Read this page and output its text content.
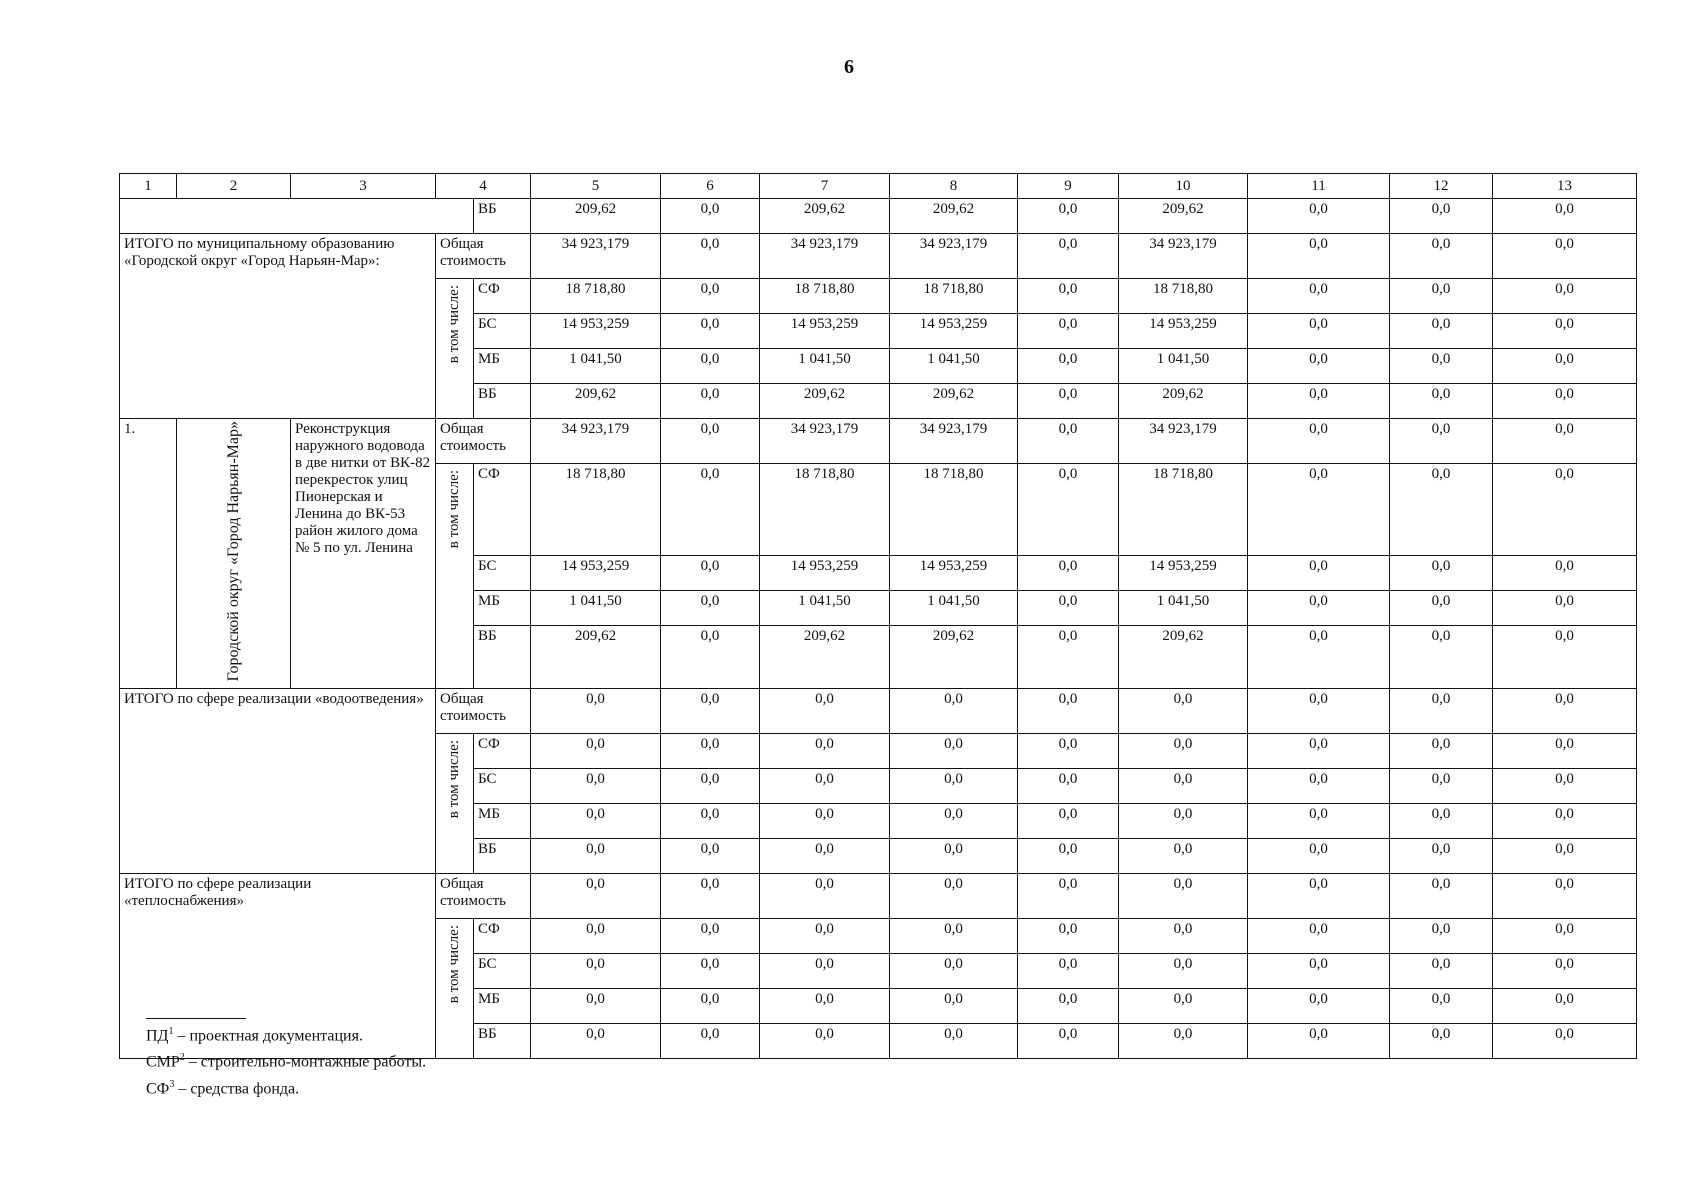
6
1	2	3	4		5	6	7	8	9	10	11	12	13
				ВБ	209,62	0,0	209,62	209,62	0,0	209,62	0,0	0,0	0,0
ИТОГО по муниципальному образованию «Городской округ «Город Нарьян-Мар»:			Общая стоимость		34 923,179	0,0	34 923,179	34 923,179	0,0	34 923,179	0,0	0,0	0,0
			в том числе:	СФ	18 718,80	0,0	18 718,80	18 718,80	0,0	18 718,80	0,0	0,0	0,0
				БС	14 953,259	0,0	14 953,259	14 953,259	0,0	14 953,259	0,0	0,0	0,0
				МБ	1 041,50	0,0	1 041,50	1 041,50	0,0	1 041,50	0,0	0,0	0,0
				ВБ	209,62	0,0	209,62	209,62	0,0	209,62	0,0	0,0	0,0
1.	Городской округ «Город Нарьян-Мар»	Реконструкция наружного водовода в две нитки от ВК-82 перекресток улиц Пионерская и Ленина до ВК-53 район жилого дома № 5 по ул. Ленина	Общая стоимость		34 923,179	0,0	34 923,179	34 923,179	0,0	34 923,179	0,0	0,0	0,0
			в том числе:	СФ	18 718,80	0,0	18 718,80	18 718,80	0,0	18 718,80	0,0	0,0	0,0
				БС	14 953,259	0,0	14 953,259	14 953,259	0,0	14 953,259	0,0	0,0	0,0
				МБ	1 041,50	0,0	1 041,50	1 041,50	0,0	1 041,50	0,0	0,0	0,0
				ВБ	209,62	0,0	209,62	209,62	0,0	209,62	0,0	0,0	0,0
ИТОГО по сфере реализации «водоотведения»			Общая стоимость		0,0	0,0	0,0	0,0	0,0	0,0	0,0	0,0	0,0
			в том числе:	СФ	0,0	0,0	0,0	0,0	0,0	0,0	0,0	0,0	0,0
				БС	0,0	0,0	0,0	0,0	0,0	0,0	0,0	0,0	0,0
				МБ	0,0	0,0	0,0	0,0	0,0	0,0	0,0	0,0	0,0
				ВБ	0,0	0,0	0,0	0,0	0,0	0,0	0,0	0,0	0,0
ИТОГО по сфере реализации «теплоснабжения»			Общая стоимость		0,0	0,0	0,0	0,0	0,0	0,0	0,0	0,0	0,0
			в том числе:	СФ	0,0	0,0	0,0	0,0	0,0	0,0	0,0	0,0	0,0
				БС	0,0	0,0	0,0	0,0	0,0	0,0	0,0	0,0	0,0
				МБ	0,0	0,0	0,0	0,0	0,0	0,0	0,0	0,0	0,0
				ВБ	0,0	0,0	0,0	0,0	0,0	0,0	0,0	0,0	0,0

$ПД^1$ – проектная документация.

СМР$^2$ – строительно-монтажные работы.

$СФ^3$ – средства фонда.
